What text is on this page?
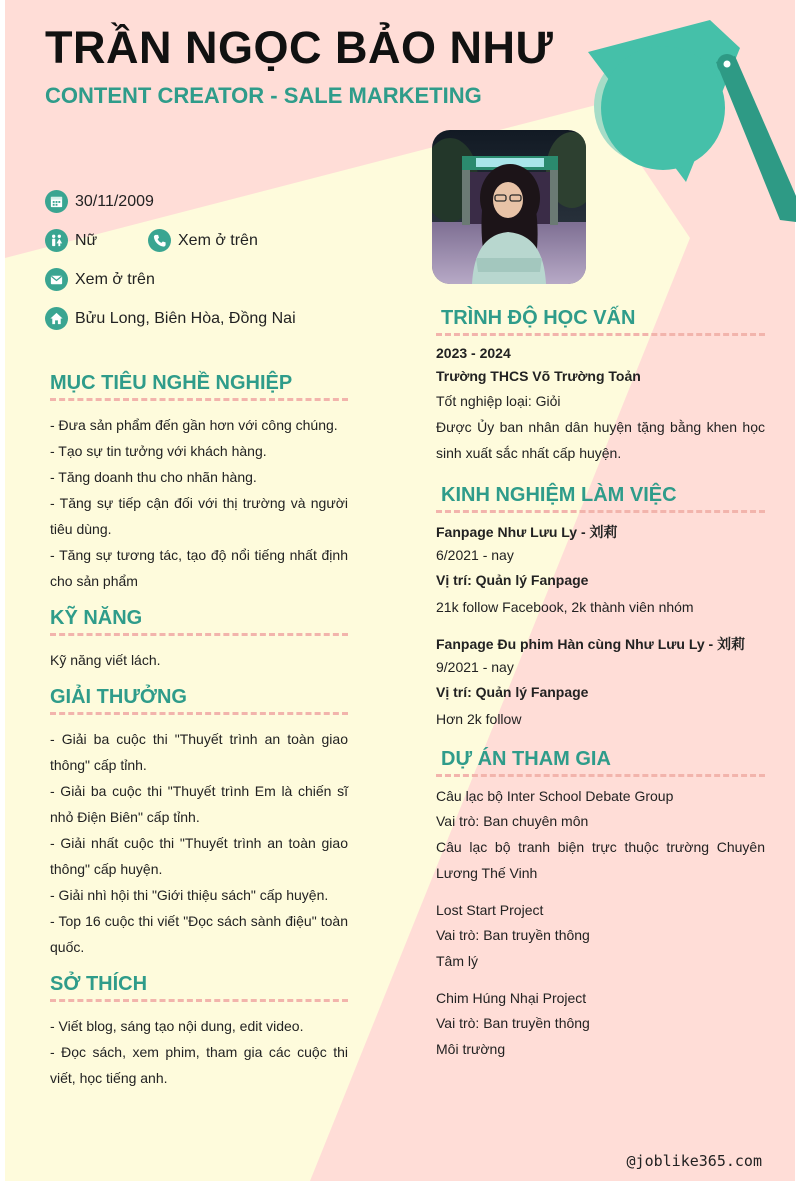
TRẦN NGỌC BẢO NHƯ
CONTENT CREATOR - SALE MARKETING
30/11/2009
Nữ	Xem ở trên
Xem ở trên
Bửu Long, Biên Hòa, Đồng Nai
MỤC TIÊU NGHỀ NGHIỆP

- Đưa sản phẩm đến gần hơn với công chúng.

- Tạo sự tin tưởng với khách hàng.

- Tăng doanh thu cho nhãn hàng.

- Tăng sự tiếp cận đối với thị trường và người tiêu dùng.

- Tăng sự tương tác, tạo độ nổi tiếng nhất định cho sản phẩm

KỸ NĂNG

Kỹ năng viết lách.

GIẢI THƯỞNG

- Giải ba cuộc thi "Thuyết trình an toàn giao thông" cấp tỉnh.

- Giải ba cuộc thi "Thuyết trình Em là chiến sĩ nhỏ Điện Biên" cấp tỉnh.

- Giải nhất cuộc thi "Thuyết trình an toàn giao thông" cấp huyện.

- Giải nhì hội thi "Giới thiệu sách" cấp huyện.

- Top 16 cuộc thi viết "Đọc sách sành điệu" toàn quốc.

SỞ THÍCH

- Viết blog, sáng tạo nội dung, edit video.

- Đọc sách, xem phim, tham gia các cuộc thi viết, học tiếng anh.

TRÌNH ĐỘ HỌC VẤN

2023 - 2024

Trường THCS Võ Trường Toản

Tốt nghiệp loại: Giỏi

Được Ủy ban nhân dân huyện tặng bằng khen học sinh xuất sắc nhất cấp huyện.

KINH NGHIỆM LÀM VIỆC

Fanpage Như Lưu Ly - 刘莉

6/2021 - nay

Vị trí: Quản lý Fanpage

21k follow Facebook, 2k thành viên nhóm

Fanpage Đu phim Hàn cùng Như Lưu Ly - 刘莉

9/2021 - nay

Vị trí: Quản lý Fanpage

Hơn 2k follow

DỰ ÁN THAM GIA

Câu lạc bộ Inter School Debate Group

Vai trò: Ban chuyên môn

Câu lạc bộ tranh biện trực thuộc trường Chuyên Lương Thế Vinh

Lost Start Project

Vai trò: Ban truyền thông

Tâm lý

Chim Húng Nhại Project

Vai trò: Ban truyền thông

Môi trường

@joblike365.com
